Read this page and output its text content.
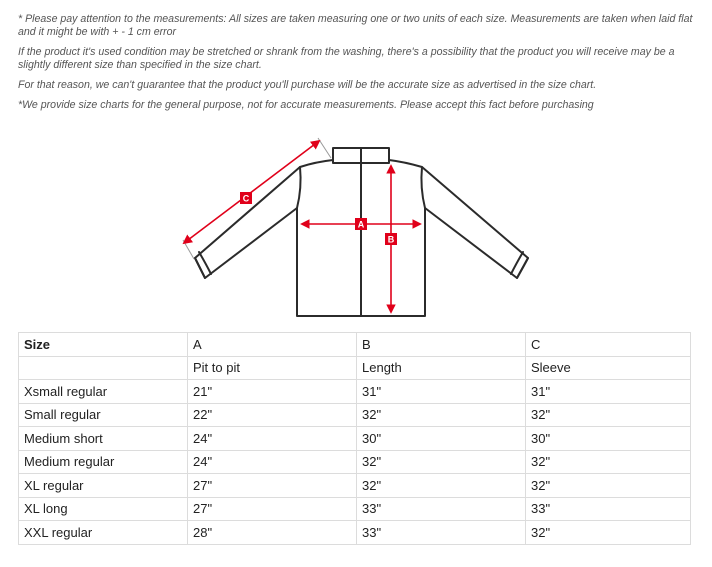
* Please pay attention to the measurements: All sizes are taken measuring one or two units of each size. Measurements are taken when laid flat and it might be with + - 1 cm error

If the product it's used condition may be stretched or shrank from the washing, there's a possibility that the product you will receive may be a slightly different size than specified in the size chart.

For that reason, we can't guarantee that the product you'll purchase will be the accurate size as advertised in the size chart.

*We provide size charts for the general purpose, not for accurate measurements. Please accept this fact before purchasing

C
A
B
Size	A	B	C
	Pit to pit	Length	Sleeve
Xsmall regular	21"	31"	31"
Small regular	22"	32"	32"
Medium short	24"	30"	30"
Medium regular	24"	32"	32"
XL regular	27"	32"	32"
XL long	27"	33"	33"
XXL regular	28"	33"	32"
